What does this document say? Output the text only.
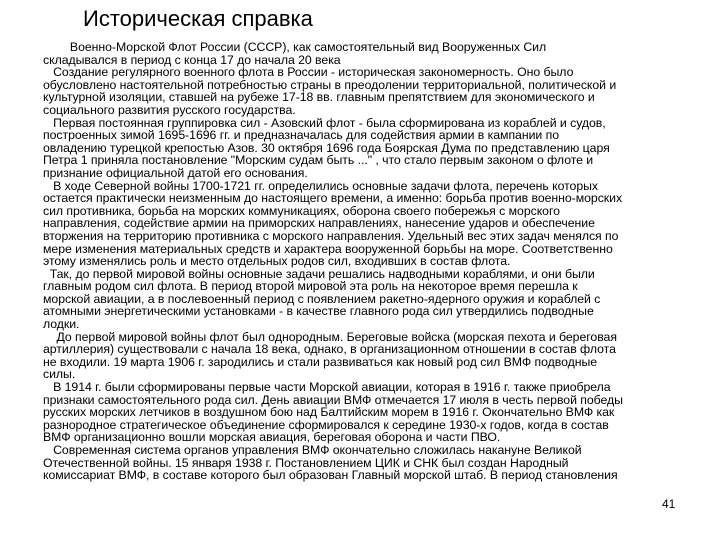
Историческая справка

Военно-Морской Флот России (СССР), как самостоятельный вид Вооруженных Сил

складывался в период с конца 17 до начала 20 века

Создание регулярного военного флота в России - историческая закономерность. Оно было

обусловлено настоятельной потребностью страны в преодолении территориальной, политической и

культурной изоляции, ставшей на рубеже 17-18 вв. главным препятствием для экономического и

социального развития русского государства.

Первая постоянная группировка сил - Азовский флот - была сформирована из кораблей и судов,

построенных зимой 1695-1696 гг. и предназначалась для содействия армии в кампании по

овладению турецкой крепостью Азов. 30 октября 1696 года Боярская Дума по представлению царя

Петра 1 приняла постановление "Морским судам быть ..." , что стало первым законом о флоте и

признание официальной датой его основания.

В ходе Северной войны 1700-1721 гг. определились основные задачи флота, перечень которых

остается практически неизменным до настоящего времени, а именно: борьба против военно-морских

сил противника, борьба на морских коммуникациях, оборона своего побережья с морского

направления, содействие армии на приморских направлениях, нанесение ударов и обеспечение

вторжения на территорию противника с морского направления. Удельный вес этих задач менялся по

мере изменения материальных средств и характера вооруженной борьбы на море. Соответственно

этому изменялись роль и место отдельных родов сил, входивших в состав флота.

Так, до первой мировой войны основные задачи решались надводными кораблями, и они были

главным родом сил флота. В период второй мировой эта роль на некоторое время перешла к

морской авиации, а в послевоенный период с появлением ракетно-ядерного оружия и кораблей с

атомными энергетическими установками - в качестве главного рода сил утвердились подводные

лодки.

До первой мировой войны флот был однородным. Береговые войска (морская пехота и береговая

артиллерия) существовали с начала 18 века, однако, в организационном отношении в состав флота

не входили. 19 марта 1906 г. зародились и стали развиваться как новый род сил ВМФ подводные

силы.

В 1914 г. были сформированы первые части Морской авиации, которая в 1916 г. также приобрела

признаки самостоятельного рода сил. День авиации ВМФ отмечается 17 июля в честь первой победы

русских морских летчиков в воздушном бою над Балтийским морем в 1916 г. Окончательно ВМФ как

разнородное стратегическое объединение сформировался к середине 1930-х годов, когда в состав

ВМФ организационно вошли морская авиация, береговая оборона и части ПВО.

Современная система органов управления ВМФ окончательно сложилась накануне Великой

Отечественной войны. 15 января 1938 г. Постановлением ЦИК и СНК был создан Народный

комиссариат ВМФ, в составе которого был образован Главный морской штаб. В период становления

41
